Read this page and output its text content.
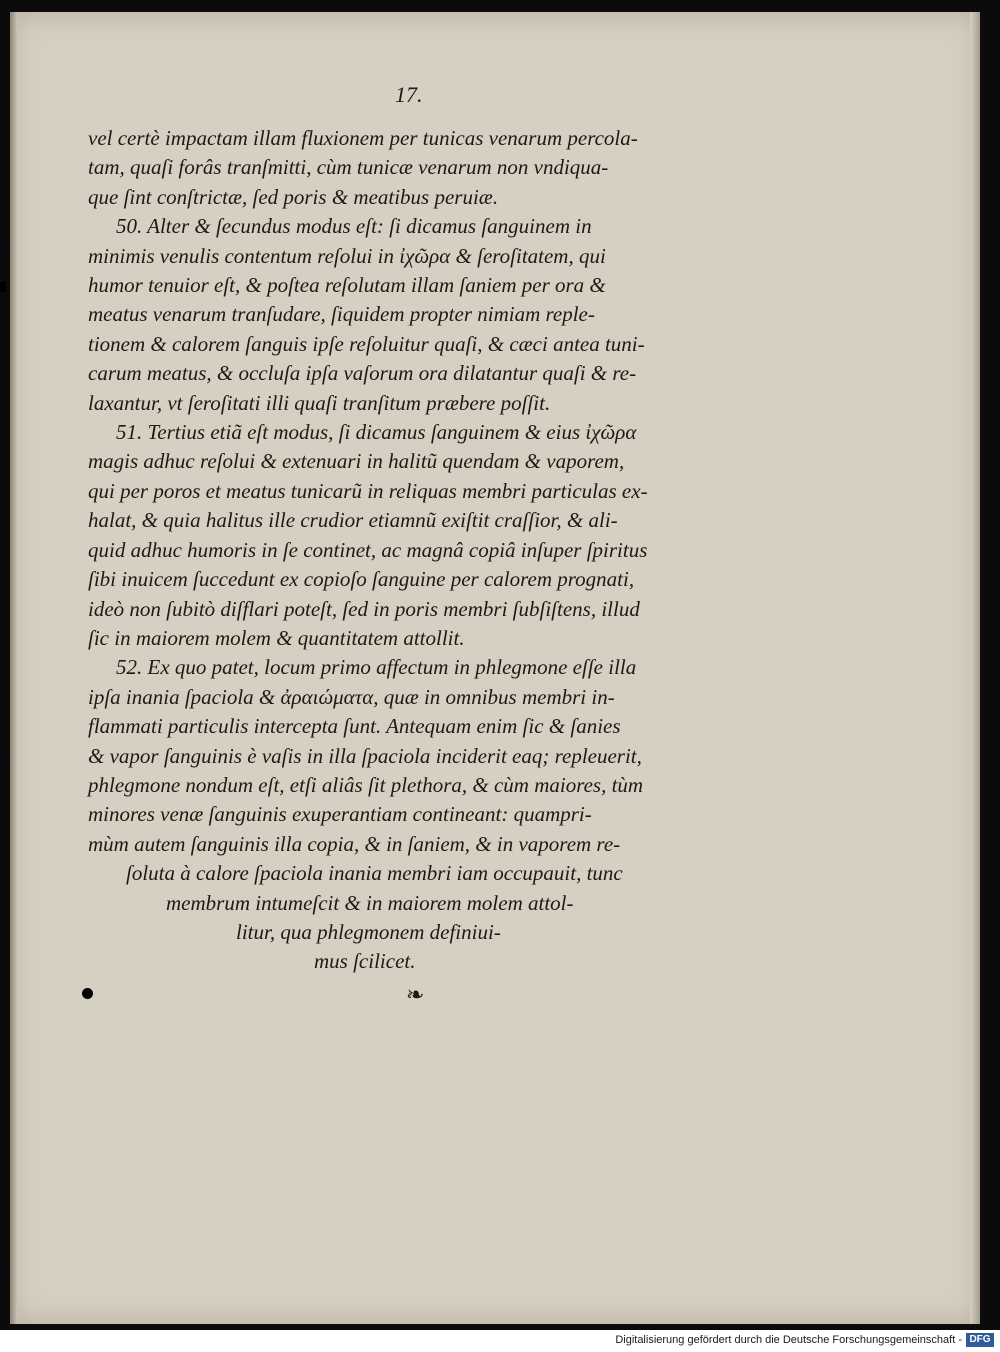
17.
vel certè impactam illam fluxionem per tunicas venarum percola-
tam, quaſi forâs tranſmitti, cùm tunicæ venarum non vndiqua-
que ſint conſtrictæ, ſed poris & meatibus peruiæ.
50. Alter & ſecundus modus eſt: ſi dicamus ſanguinem in
minimis venulis contentum reſolui in ἰχῶρα & ſeroſitatem, qui
humor tenuior eſt, & poſtea reſolutam illam ſaniem per ora &
meatus venarum tranſudare, ſiquidem propter nimiam reple-
tionem & calorem ſanguis ipſe reſoluitur quaſi, & cæci antea tuni-
carum meatus, & occluſa ipſa vaſorum ora dilatantur quaſi & re-
laxantur, vt ſeroſitati illi quaſi tranſitum præbere poſſit.
51. Tertius etiã eſt modus, ſi dicamus ſanguinem & eius ἰχῶρα
magis adhuc reſolui & extenuari in halitũ quendam & vaporem,
qui per poros et meatus tunicarũ in reliquas membri particulas ex-
halat, & quia halitus ille crudior etiamnũ exiſtit craſſior, & ali-
quid adhuc humoris in ſe continet, ac magnâ copiâ inſuper ſpiritus
ſibi inuicem ſuccedunt ex copioſo ſanguine per calorem prognati,
ideò non ſubitò diſflari poteſt, ſed in poris membri ſubſiſtens, illud
ſic in maiorem molem & quantitatem attollit.
52. Ex quo patet, locum primo affectum in phlegmone eſſe illa
ipſa inania ſpaciola & ἀραιώματα, quæ in omnibus membri in-
flammati particulis intercepta ſunt. Antequam enim ſic & ſanies
& vapor ſanguinis è vaſis in illa ſpaciola inciderit eaq; repleuerit,
phlegmone nondum eſt, etſi aliâs ſit plethora, & cùm maiores, tùm
minores venæ ſanguinis exuperantiam contineant: quampri-
mùm autem ſanguinis illa copia, & in ſaniem, & in vaporem re-
ſoluta à calore ſpaciola inania membri iam occupauit, tunc
membrum intumeſcit & in maiorem molem attol-
litur, qua phlegmonem definiui-
mus ſcilicet.
❧
Digitalisierung gefördert durch die Deutsche Forschungsgemeinschaft - DFG
